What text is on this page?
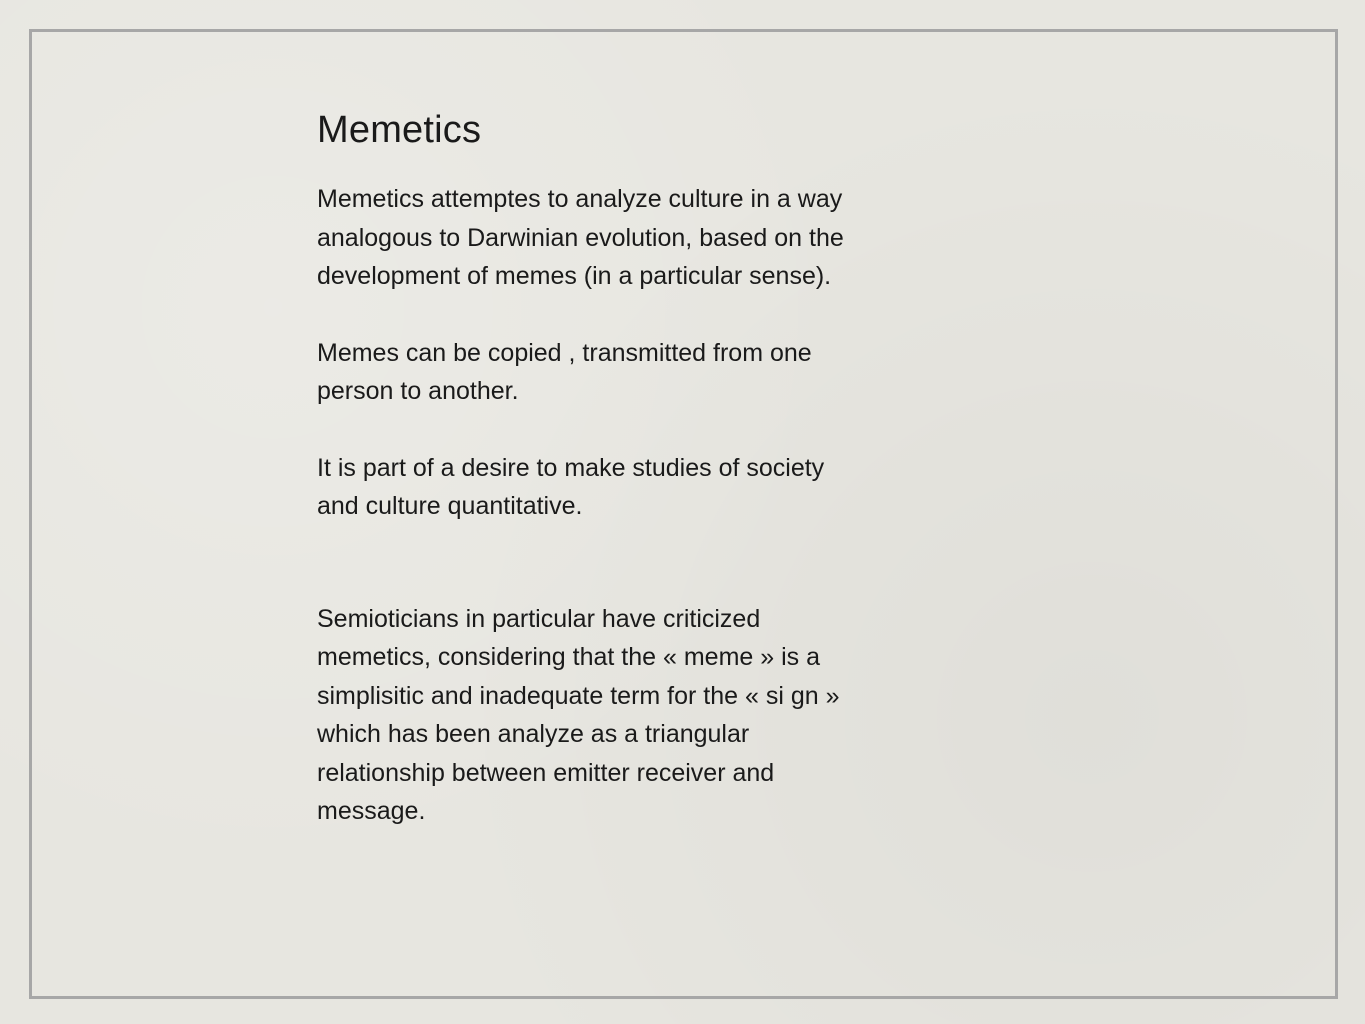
Memetics

Memetics attemptes to analyze culture in a way
analogous to Darwinian evolution, based on the
development of memes (in a particular sense).

Memes can be copied , transmitted from one
person to another.

It is part of a desire to make studies of society
and culture quantitative.

Semioticians in particular have criticized
memetics, considering that the « meme » is a
simplisitic and inadequate term for the « si gn »
which has been analyze as a triangular
relationship between emitter receiver and
message.
